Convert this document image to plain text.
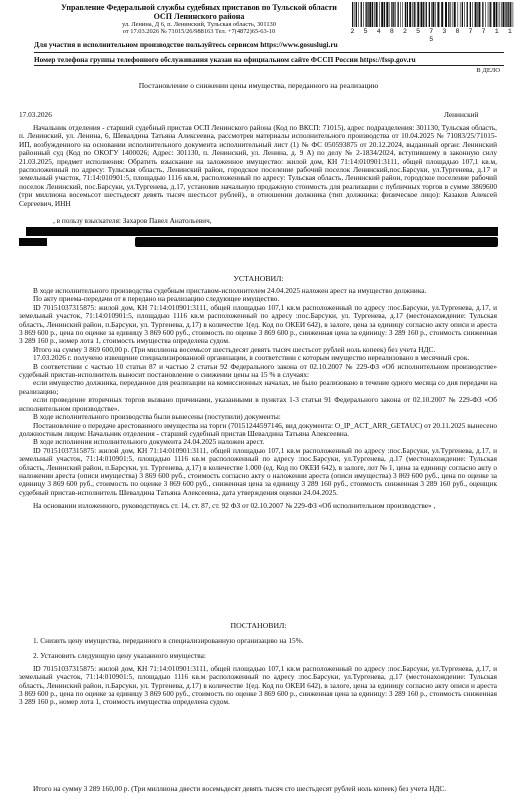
Управление Федеральной службы судебных приставов по Тульской области
ОСП Ленинского района
ул. Ленина, Д 6, п. Ленинский, Тульская область, 301130
от 17.03.2026 № 71015/26/988163 Тел. +7(4872)65-63-10	2 5 4 8 2 5 7 3 8 7 7 1 1 5
Для участия в исполнительном производстве пользуйтесь сервисом https://www.gosuslugi.ru
Номер телефона группы телефонного обслуживания указан на официальном сайте ФССП России https://fssp.gov.ru
В ДЕЛО
Постановление о снижении цены имущества, переданного на реализацию
17.03.2026	Ленинский

Начальник отделения - старший судебный пристав ОСП Ленинского района (Код по ВКСП: 71015), адрес подразделения: 301130, Тульская область, п. Ленинский, ул. Ленина, 6, Шевалдина Татьяна Алексеевна, рассмотрев материалы исполнительного производства от 10.04.2025 № 71083/25/71015-ИП, возбужденного на основании исполнительного документа исполнительный лист (1) № ФС 050593875 от 20.12.2024, выданный орган: Ленинский районный суд (Код по ОКОГУ 1400026; Адрес: 301130, п. Ленинский, ул. Ленина, д. 9 А) по делу № 2-1834/2024, вступившему в законную силу 21.03.2025, предмет исполнения: Обратить взыскание на заложенное имущество: жилой дом, КН 71:14:010901:3111, общей площадью 107,1 кв.м, расположенный по адресу: Тульская область, Ленинский район, городское поселение рабочий поселок Ленинский,пос.Барсуки, ул.Тургенева, д.17 и земельный участок, 71:14:010901:5, площадью 1116 кв.м, расположенный по адресу: Тульская область, Ленинский район, городское поселение рабочий поселок Ленинский, пос.Барсуки, ул.Тургенева, д.17, установив начальную продажную стоимость для реализации с публичных торгов в сумме 3869600 (три миллиона восемьсот шестьдесят девять тысяч шестьсот рублей)., в отношении должника (тип должника: физическое лицо): Казаков Алексей Сергеевич, ИНН

, в пользу взыскателя: Захаров Павел Анатольевич,

УСТАНОВИЛ:

В ходе исполнительного производства судебным приставом-исполнителем 24.04.2025 наложен арест на имущество должника.

По акту приема-передачи от я передано на реализацию следующее имущество.

ID 70151037315875: жилой дом, КН 71:14:010901:3111, общей площадью 107,1 кв.м расположенный по адресу :пос.Барсуки, ул.Тургенева, д.17, и земельный участок, 71:14:010901:5, площадью 1116 кв.м расположенный по адресу :пос.Барсуки, ул. Тургенева, д.17 (местонахождение: Тульская область, Ленинский район, п.Барсуки, ул. Тургенева, д.17) в количестве 1(ед. Код по ОКЕИ 642), в залоге, цена за единицу согласно акту описи и ареста 3 869 600 р., цена по оценке за единицу 3 869 600 руб., стоимость по оценке 3 869 600 р., сниженная цена за единицу: 3 289 160 р., стоимость сниженная 3 289 160 р., номер лота 1, стоимость имущества определена судом.

Итого на сумму 3 869 600,00 р. (Три миллиона восемьсот шестьдесят девять тысяч шестьсот рублей ноль копеек) без учета НДС.

17.03.2026 г. получено извещение специализированной организации, в соответствии с которым имущество нереализовано в месячный срок.

В соответствии с частью 10 статьи 87 и частью 2 статьи 92 Федерального закона от 02.10.2007 № 229-ФЗ «Об исполнительном производстве» судебный пристав-исполнитель выносит постановление о снижении цены на 15 % в случаях:

если имущество должника, переданное для реализации на комиссионных началах, не было реализовано в течение одного месяца со дня передачи на реализацию;

если проведение вторичных торгов вызвано причинами, указанными в пунктах 1-3 статьи 91 Федерального закона от 02.10.2007 № 229-ФЗ «Об исполнительном производстве».

В ходе исполнительного производства были вынесены (поступили) документы:

Постановление о передаче арестованного имущества на торги (70151244597146, вид документа: O_IP_ACT_ARR_GETAUC) от 20.11.2025 вынесено должностным лицом: Начальник отделения - старший судебный пристав Шевалдина Татьяна Алексеевна.

В ходе исполнения исполнительного документа 24.04.2025 наложен арест.

ID 70151037315875: жилой дом, КН 71:14:010901:3111, общей площадью 107,1 кв.м расположенный по адресу :пос.Барсуки, ул.Тургенева, д.17, и земельный участок, 71:14:010901:5, площадью 1116 кв.м расположенный по адресу :пос.Барсуки, ул.Тургенева, д.17 (местонахождение: Тульская область, Ленинский район, п.Барсуки, ул. Тургенева, д.17) в количестве 1.000 (ед. Код по ОКЕИ 642), в залоге, лот № 1, цена за единицу согласно акту о наложении ареста (описи имущества) 3 869 600 руб., стоимость согласно акту о наложении ареста (описи имущества) 3 869 600 руб., цена по оценке за единицу 3 869 600 руб., стоимость по оценке 3 869 600 руб., сниженная цена за единицу 3 289 160 руб., стоимость сниженная 3 289 160 руб., оценщик судебный пристав-исполнитель Шевалдина Татьяна Алексеевна, дата утверждения оценки 24.04.2025.

На основании изложенного, руководствуясь ст. 14, ст. 87, ст. 92 ФЗ от 02.10.2007 № 229-ФЗ «Об исполнительном производстве» ,

ПОСТАНОВИЛ:

1. Снизить цену имущества, переданного в специализированную организацию на 15%.

2. Установить следующую цену указанного имущества:

ID 70151037315875: жилой дом, КН 71:14:010901:3111, общей площадью 107,1 кв.м расположенный по адресу :пос.Барсуки, ул.Тургенева, д.17, и земельный участок, 71:14:010901:5, площадью 1116 кв.м расположенный по адресу :пос.Барсуки, ул.Тургенева, д.17 (местонахождение: Тульская область, Ленинский район, п.Барсуки, ул. Тургенева, д.17) в количестве 1(ед. Код по ОКЕИ 642), в залоге, цена за единицу согласно акту описи и ареста 3 869 600 р., цена по оценке за единицу 3 869 600 руб., стоимость по оценке 3 869 600 р., сниженная цена за единицу: 3 289 160 р., стоимость сниженная 3 289 160 р., номер лота 1, стоимость имущества определена судом.

Итого на сумму 3 289 160,00 р. (Три миллиона двести восемьдесят девять тысяч сто шестьдесят рублей ноль копеек) без учета НДС.
